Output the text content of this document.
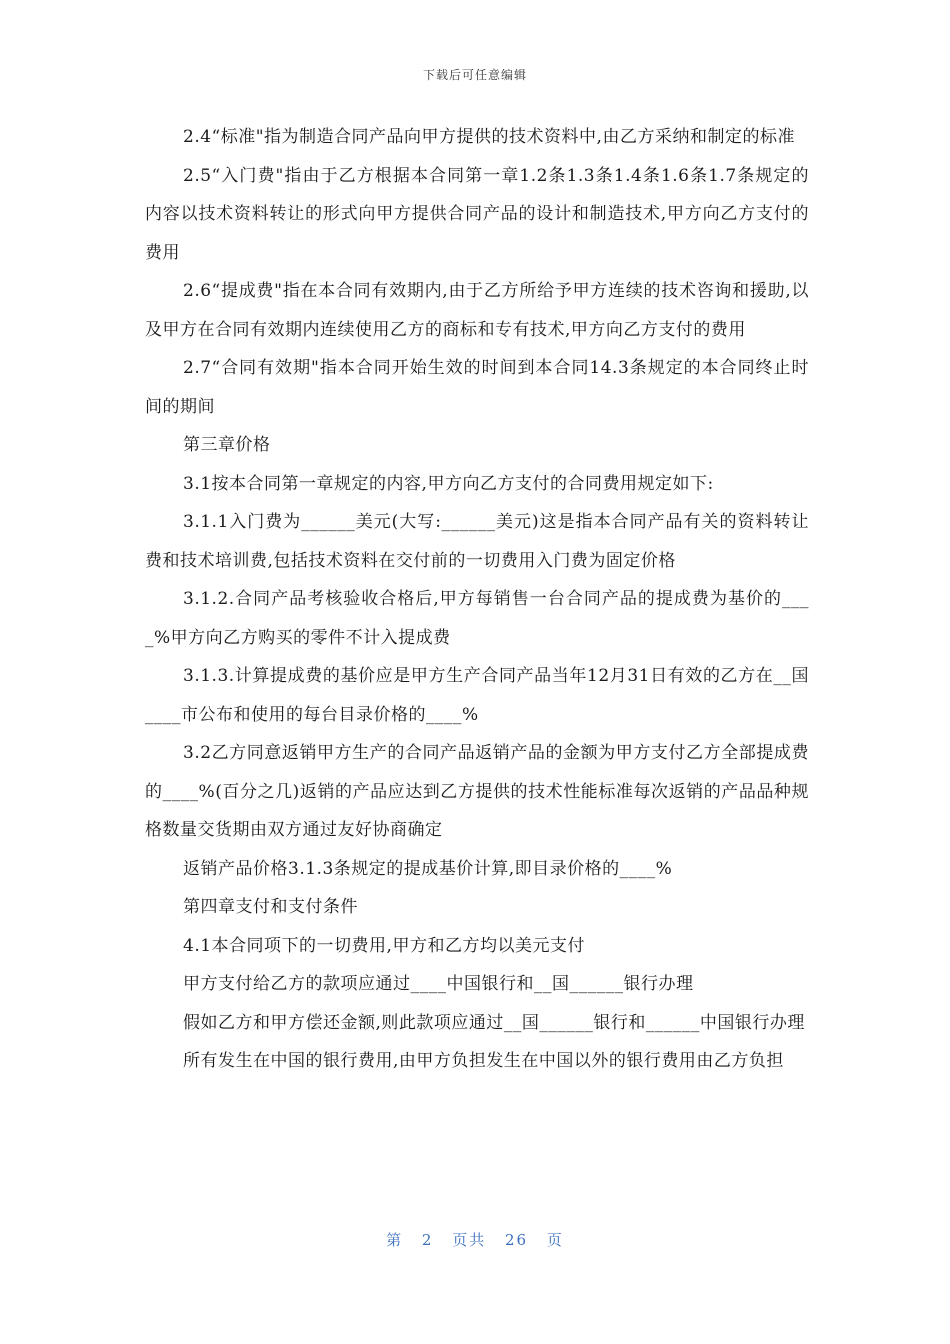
下载后可任意编辑

2.4“标准"指为制造合同产品向甲方提供的技术资料中,由乙方采纳和制定的标准

2.5“入门费"指由于乙方根据本合同第一章1.2条1.3条1.4条1.6条1.7条规定的内容以技术资料转让的形式向甲方提供合同产品的设计和制造技术,甲方向乙方支付的费用

2.6“提成费"指在本合同有效期内,由于乙方所给予甲方连续的技术咨询和援助,以及甲方在合同有效期内连续使用乙方的商标和专有技术,甲方向乙方支付的费用

2.7“合同有效期"指本合同开始生效的时间到本合同14.3条规定的本合同终止时间的期间

第三章价格

3.1按本合同第一章规定的内容,甲方向乙方支付的合同费用规定如下:

3.1.1入门费为______美元(大写:______美元)这是指本合同产品有关的资料转让费和技术培训费,包括技术资料在交付前的一切费用入门费为固定价格

3.1.2.合同产品考核验收合格后,甲方每销售一台合同产品的提成费为基价的____%甲方向乙方购买的零件不计入提成费

3.1.3.计算提成费的基价应是甲方生产合同产品当年12月31日有效的乙方在__国____市公布和使用的每台目录价格的____%

3.2乙方同意返销甲方生产的合同产品返销产品的金额为甲方支付乙方全部提成费的____%(百分之几)返销的产品应达到乙方提供的技术性能标准每次返销的产品品种规格数量交货期由双方通过友好协商确定

返销产品价格3.1.3条规定的提成基价计算,即目录价格的____%

第四章支付和支付条件

4.1本合同项下的一切费用,甲方和乙方均以美元支付

甲方支付给乙方的款项应通过____中国银行和__国______银行办理

假如乙方和甲方偿还金额,则此款项应通过__国______银行和______中国银行办理

所有发生在中国的银行费用,由甲方负担发生在中国以外的银行费用由乙方负担

第 2 页共 26 页
